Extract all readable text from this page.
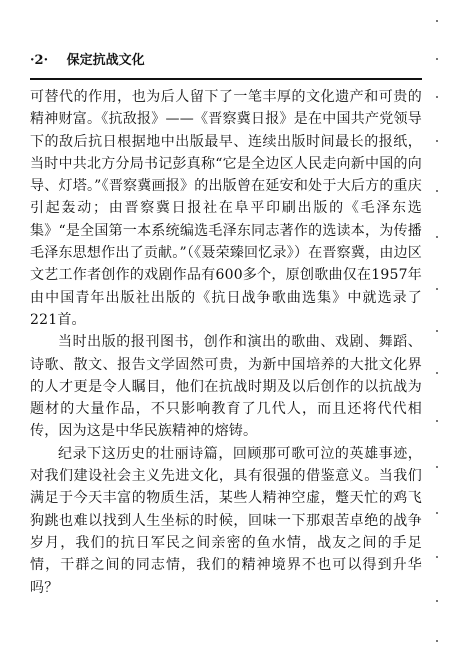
·2· 保定抗战文化

可替代的作用，也为后人留下了一笔丰厚的文化遗产和可贵的精神财富。《抗敌报》——《晋察冀日报》是在中国共产党领导下的敌后抗日根据地中出版最早、连续出版时间最长的报纸，当时中共北方分局书记彭真称“它是全边区人民走向新中国的向导、灯塔。”《晋察冀画报》的出版曾在延安和处于大后方的重庆引起轰动；由晋察冀日报社在阜平印刷出版的《毛泽东选集》“是全国第一本系统编选毛泽东同志著作的选读本，为传播毛泽东思想作出了贡献。”（《聂荣臻回忆录》）在晋察冀，由边区文艺工作者创作的戏剧作品有600多个，原创歌曲仅在1957年由中国青年出版社出版的《抗日战争歌曲选集》中就选录了221首。

当时出版的报刊图书，创作和演出的歌曲、戏剧、舞蹈、诗歌、散文、报告文学固然可贵，为新中国培养的大批文化界的人才更是令人瞩目，他们在抗战时期及以后创作的以抗战为题材的大量作品，不只影响教育了几代人，而且还将代代相传，因为这是中华民族精神的熔铸。

纪录下这历史的壮丽诗篇，回顾那可歌可泣的英雄事迹，对我们建设社会主义先进文化，具有很强的借鉴意义。当我们满足于今天丰富的物质生活，某些人精神空虚，蹩天忙的鸡飞狗跳也难以找到人生坐标的时候，回味一下那艰苦卓绝的战争岁月，我们的抗日军民之间亲密的鱼水情，战友之间的手足情，干群之间的同志情，我们的精神境界不也可以得到升华吗？
